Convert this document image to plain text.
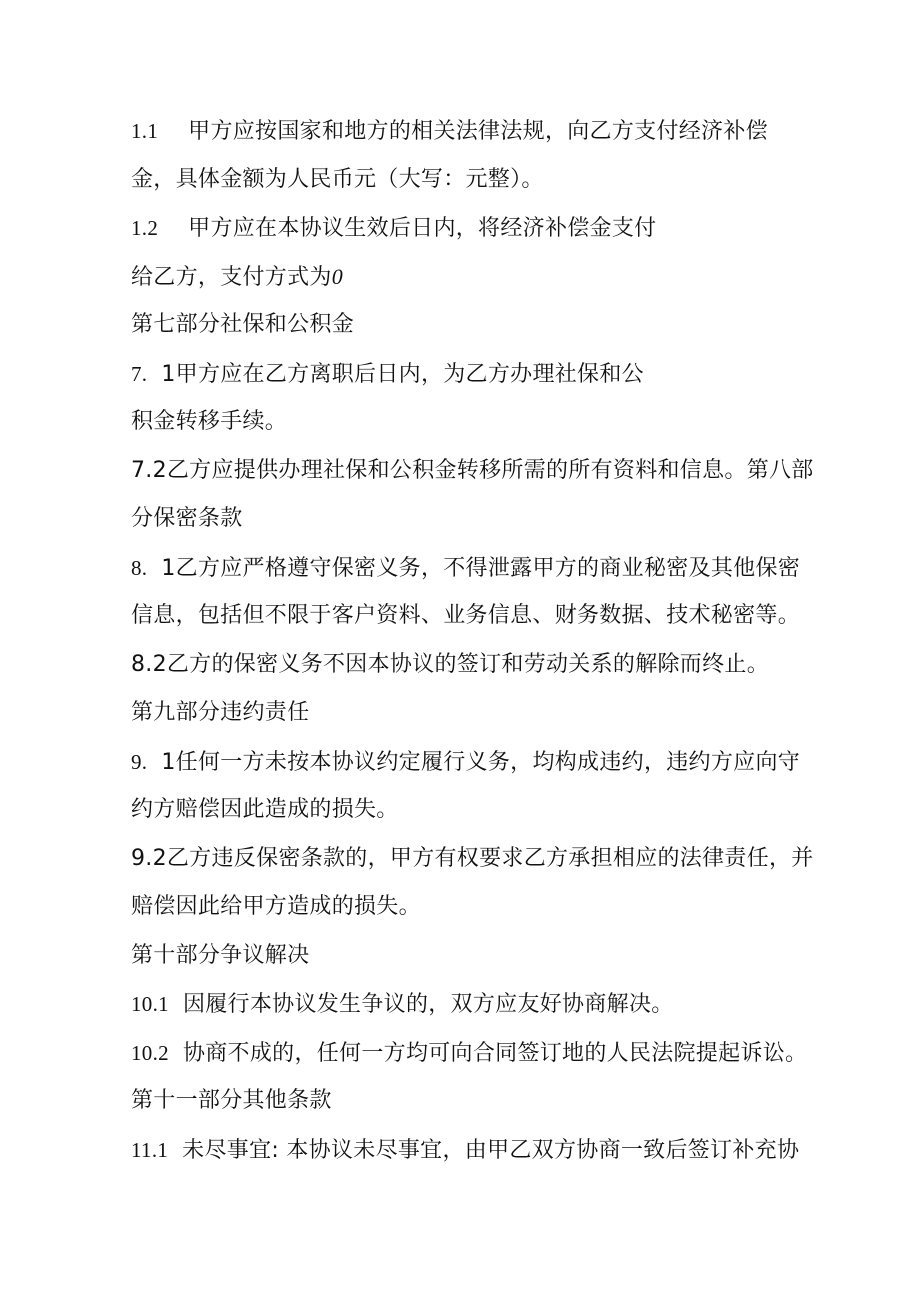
1.1 甲方应按国家和地方的相关法律法规，向乙方支付经济补偿
金，具体金额为人民币元（大写：元整）。
1.2 甲方应在本协议生效后日内，将经济补偿金支付
给乙方，支付方式为0
第七部分社保和公积金
7. 1甲方应在乙方离职后日内，为乙方办理社保和公
积金转移手续。
7.2乙方应提供办理社保和公积金转移所需的所有资料和信息。第八部
分保密条款
8. 1乙方应严格遵守保密义务，不得泄露甲方的商业秘密及其他保密
信息，包括但不限于客户资料、业务信息、财务数据、技术秘密等。
8.2乙方的保密义务不因本协议的签订和劳动关系的解除而终止。
第九部分违约责任
9. 1任何一方未按本协议约定履行义务，均构成违约，违约方应向守
约方赔偿因此造成的损失。
9.2乙方违反保密条款的，甲方有权要求乙方承担相应的法律责任，并
赔偿因此给甲方造成的损失。
第十部分争议解决
10.1 因履行本协议发生争议的，双方应友好协商解决。
10.2 协商不成的，任何一方均可向合同签订地的人民法院提起诉讼。
第十一部分其他条款
11.1 未尽事宜: 本协议未尽事宜，由甲乙双方协商一致后签订补充协
